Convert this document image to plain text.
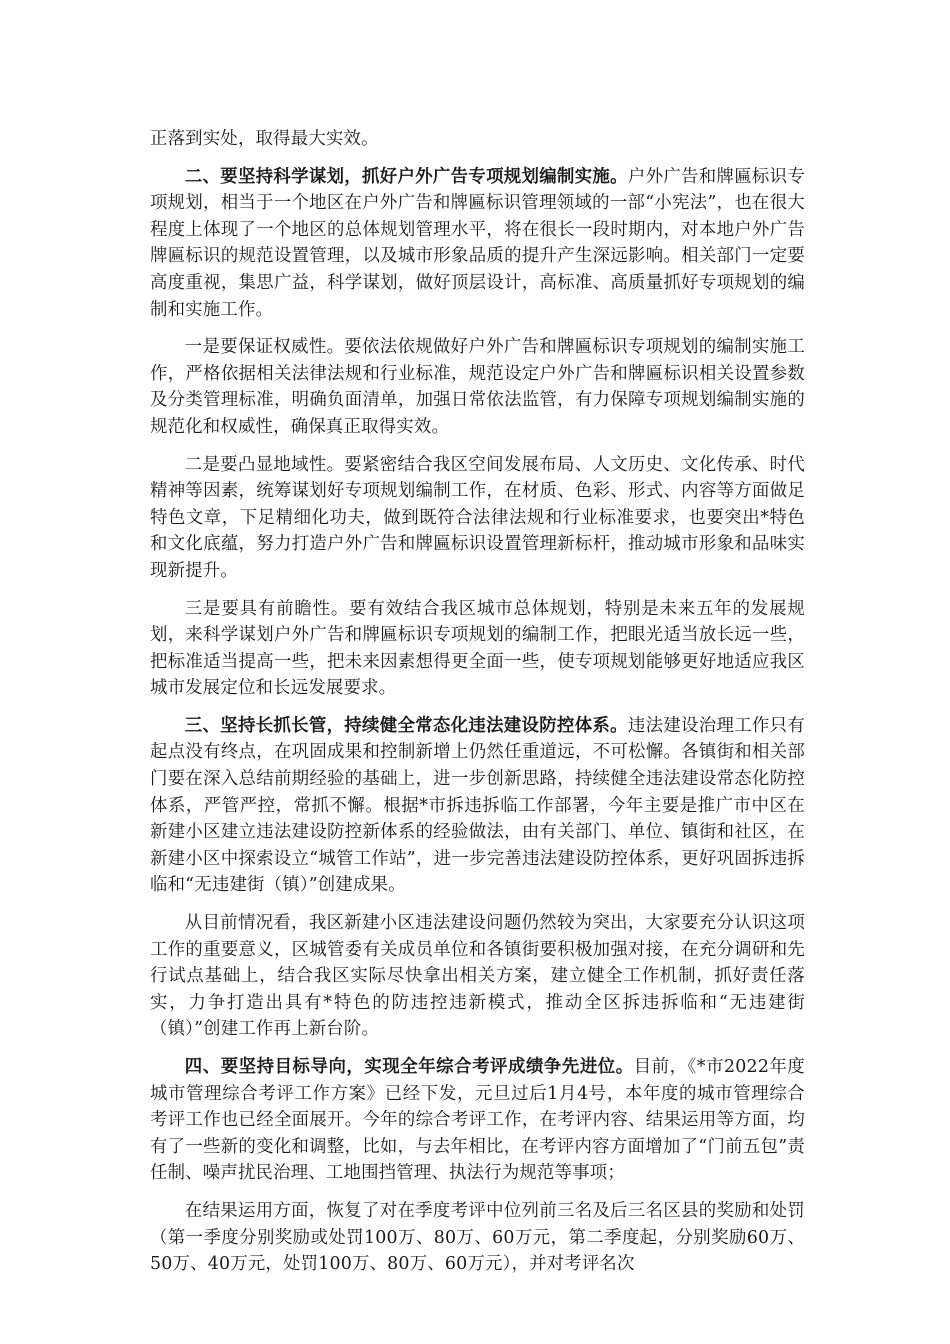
正落到实处，取得最大实效。

二、要坚持科学谋划，抓好户外广告专项规划编制实施。户外广告和牌匾标识专项规划，相当于一个地区在户外广告和牌匾标识管理领域的一部“小宪法”，也在很大程度上体现了一个地区的总体规划管理水平，将在很长一段时期内，对本地户外广告牌匾标识的规范设置管理，以及城市形象品质的提升产生深远影响。相关部门一定要高度重视，集思广益，科学谋划，做好顶层设计，高标准、高质量抓好专项规划的编制和实施工作。

一是要保证权威性。要依法依规做好户外广告和牌匾标识专项规划的编制实施工作，严格依据相关法律法规和行业标准，规范设定户外广告和牌匾标识相关设置参数及分类管理标准，明确负面清单，加强日常依法监管，有力保障专项规划编制实施的规范化和权威性，确保真正取得实效。

二是要凸显地域性。要紧密结合我区空间发展布局、人文历史、文化传承、时代精神等因素，统筹谋划好专项规划编制工作，在材质、色彩、形式、内容等方面做足特色文章，下足精细化功夫，做到既符合法律法规和行业标准要求，也要突出*特色和文化底蕴，努力打造户外广告和牌匾标识设置管理新标杆，推动城市形象和品味实现新提升。

三是要具有前瞻性。要有效结合我区城市总体规划，特别是未来五年的发展规划，来科学谋划户外广告和牌匾标识专项规划的编制工作，把眼光适当放长远一些，把标准适当提高一些，把未来因素想得更全面一些，使专项规划能够更好地适应我区城市发展定位和长远发展要求。

三、坚持长抓长管，持续健全常态化违法建设防控体系。违法建设治理工作只有起点没有终点，在巩固成果和控制新增上仍然任重道远，不可松懈。各镇街和相关部门要在深入总结前期经验的基础上，进一步创新思路，持续健全违法建设常态化防控体系，严管严控，常抓不懈。根据*市拆违拆临工作部署，今年主要是推广市中区在新建小区建立违法建设防控新体系的经验做法，由有关部门、单位、镇街和社区，在新建小区中探索设立“城管工作站”，进一步完善违法建设防控体系，更好巩固拆违拆临和“无违建街（镇）”创建成果。

从目前情况看，我区新建小区违法建设问题仍然较为突出，大家要充分认识这项工作的重要意义，区城管委有关成员单位和各镇街要积极加强对接，在充分调研和先行试点基础上，结合我区实际尽快拿出相关方案，建立健全工作机制，抓好责任落实，力争打造出具有*特色的防违控违新模式，推动全区拆违拆临和“无违建街（镇）”创建工作再上新台阶。

四、要坚持目标导向，实现全年综合考评成绩争先进位。目前，《*市2022年度城市管理综合考评工作方案》已经下发，元旦过后1月4号，本年度的城市管理综合考评工作也已经全面展开。今年的综合考评工作，在考评内容、结果运用等方面，均有了一些新的变化和调整，比如，与去年相比，在考评内容方面增加了“门前五包”责任制、噪声扰民治理、工地围挡管理、执法行为规范等事项；

在结果运用方面，恢复了对在季度考评中位列前三名及后三名区县的奖励和处罚（第一季度分别奖励或处罚100万、80万、60万元，第二季度起，分别奖励60万、50万、40万元，处罚100万、80万、60万元），并对考评名次
